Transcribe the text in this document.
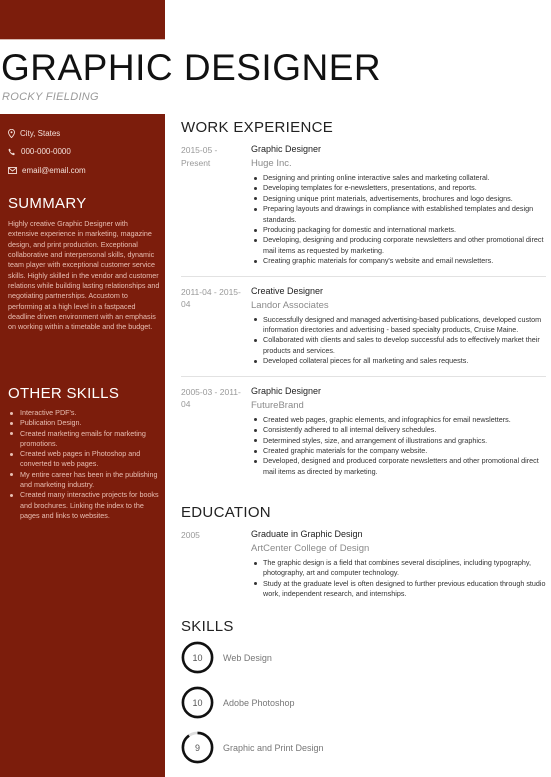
GRAPHIC DESIGNER
ROCKY FIELDING
City, States
000-000-0000
email@email.com
SUMMARY

Highly creative Graphic Designer with extensive experience in marketing, magazine design, and print production. Exceptional collaborative and interpersonal skills, dynamic team player with exceptional customer service skills. Highly skilled in the vendor and customer relations while building lasting relationships and negotiating partnerships. Accustom to performing at a high level in a fastpaced deadline driven environment with an emphasis on working within a timetable and the budget.

OTHER SKILLS
Interactive PDF's.
Publication Design.
Created marketing emails for marketing promotions.
Created web pages in Photoshop and converted to web pages.
My entire career has been in the publishing and marketing industry.
Created many interactive projects for books and brochures. Linking the index to the pages and links to websites.
WORK EXPERIENCE
2015-05 - Present
Graphic Designer
Huge Inc.
Designing and printing online interactive sales and marketing collateral.
Developing templates for e-newsletters, presentations, and reports.
Designing unique print materials, advertisements, brochures and logo designs.
Preparing layouts and drawings in compliance with established templates and design standards.
Producing packaging for domestic and international markets.
Developing, designing and producing corporate newsletters and other promotional direct mail items as requested by marketing.
Creating graphic materials for company's website and email newsletters.
2011-04 - 2015-04
Creative Designer
Landor Associates
Successfully designed and managed advertising-based publications, developed custom information directories and advertising - based specialty products, Cruise Maine.
Collaborated with clients and sales to develop successful ads to effectively market their products and services.
Developed collateral pieces for all marketing and sales requests.
2005-03 - 2011-04
Graphic Designer
FutureBrand
Created web pages, graphic elements, and infographics for email newsletters.
Consistently adhered to all internal delivery schedules.
Determined styles, size, and arrangement of illustrations and graphics.
Created graphic materials for the company website.
Developed, designed and produced corporate newsletters and other promotional direct mail items as directed by marketing.
EDUCATION
2005	Graduate in Graphic Design
ArtCenter College of Design
The graphic design is a field that combines several disciplines, including typography, photography, art and computer technology.
Study at the graduate level is often designed to further previous education through studio work, independent research, and internships.
SKILLS
10	Web Design
10	Adobe Photoshop
9	Graphic and Print Design
